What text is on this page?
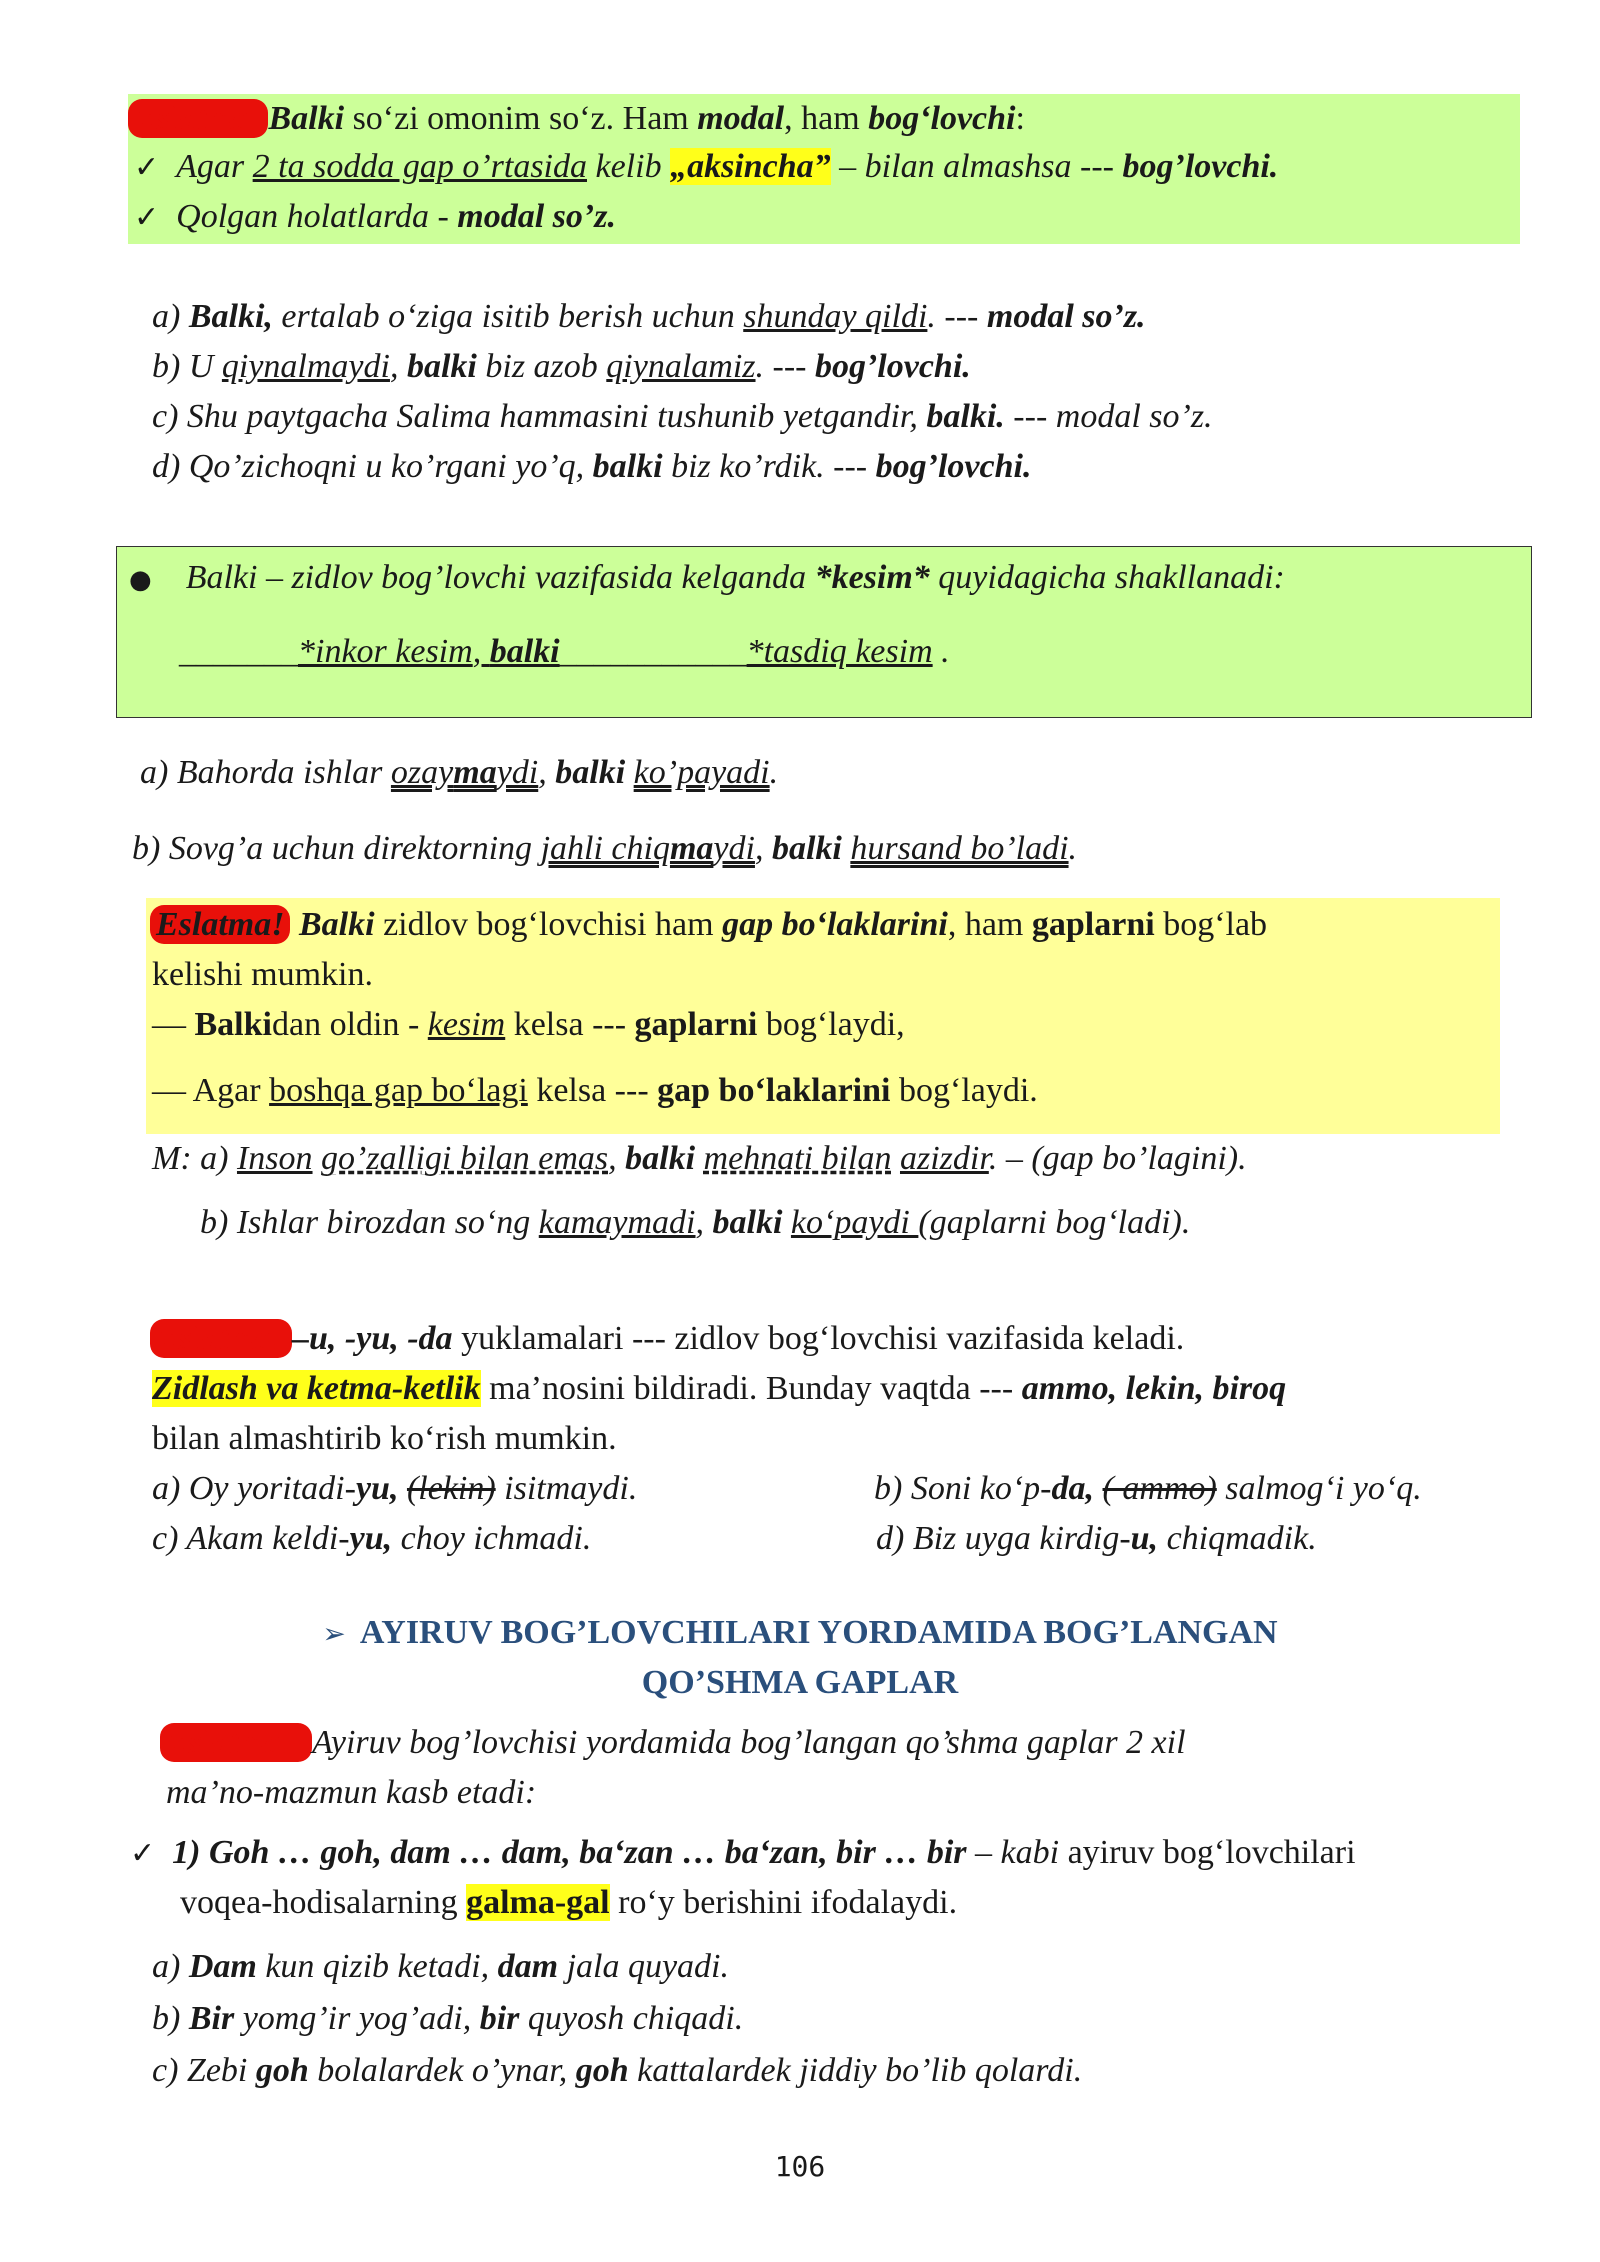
Eslatma! Balki so‘zi omonim so‘z. Ham modal, ham bog‘lovchi:
✓ Agar 2 ta sodda gap o’rtasida kelib „aksincha” – bilan almashsa --- bog’lovchi.
✓ Qolgan holatlarda - modal so’z.
a) Balki, ertalab o‘ziga isitib berish uchun shunday qildi. --- modal so’z.
b) U qiynalmaydi, balki biz azob qiynalamiz. --- bog’lovchi.
c) Shu paytgacha Salima hammasini tushunib yetgandir, balki. --- modal so’z.
d) Qo’zichoqni u ko’rgani yo’q, balki biz ko’rdik. --- bog’lovchi.
● Balki – zidlov bog’lovchi vazifasida kelganda *kesim* quyidagicha shakllanadi:
_______*inkor kesim, balki___________*tasdiq kesim .
a) Bahorda ishlar ozaymaydi, balki ko’payadi.
b) Sovg’a uchun direktorning jahli chiqmaydi, balki hursand bo’ladi.
Eslatma! Balki zidlov bog‘lovchisi ham gap bo‘laklarini, ham gaplarni bog‘lab
kelishi mumkin.
— Balkidan oldin - kesim kelsa --- gaplarni bog‘laydi,
— Agar boshqa gap bo‘lagi kelsa --- gap bo‘laklarini bog‘laydi.
M: a) Inson go’zalligi bilan emas, balki mehnati bilan azizdir. – (gap bo’lagini).
b) Ishlar birozdan so‘ng kamaymadi, balki ko‘paydi (gaplarni bog‘ladi).
Eslatma! –u, -yu, -da yuklamalari --- zidlov bog‘lovchisi vazifasida keladi.
Zidlash va ketma-ketlik ma’nosini bildiradi. Bunday vaqtda --- ammo, lekin, biroq
bilan almashtirib ko‘rish mumkin.
a) Oy yoritadi-yu, (lekin) isitmaydi.
c) Akam keldi-yu, choy ichmadi.
b) Soni ko‘p-da, ( ammo) salmog‘i yo‘q.
d) Biz uyga kirdig-u, chiqmadik.
➢ AYIRUV BOG’LOVCHILARI YORDAMIDA BOG’LANGAN
QO’SHMA GAPLAR
Eslatma! Ayiruv bog’lovchisi yordamida bog’langan qo’shma gaplar 2 xil
ma’no-mazmun kasb etadi:
✓ 1) Goh … goh, dam … dam, ba‘zan … ba‘zan, bir … bir – kabi ayiruv bog‘lovchilari
voqea-hodisalarning galma-gal ro‘y berishini ifodalaydi.
a) Dam kun qizib ketadi, dam jala quyadi.
b) Bir yomg’ir yog’adi, bir quyosh chiqadi.
c) Zebi goh bolalardek o’ynar, goh kattalardek jiddiy bo’lib qolardi.
106
